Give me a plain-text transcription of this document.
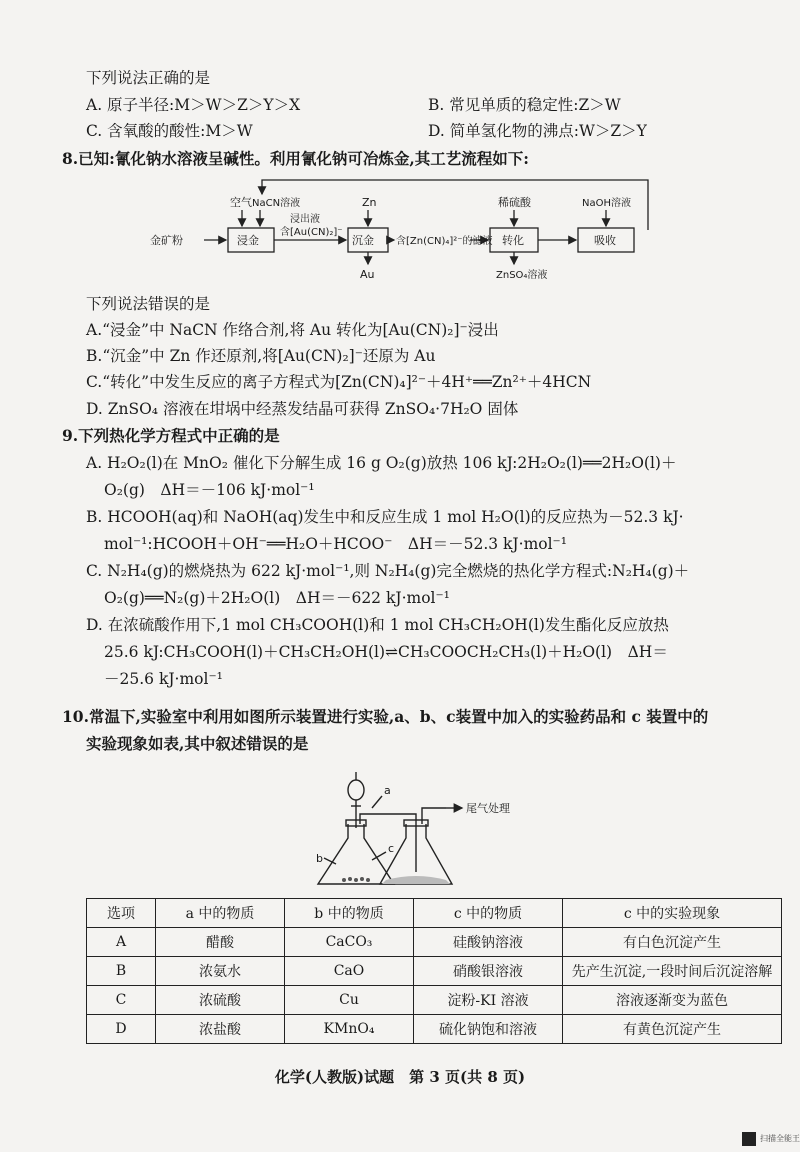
下列说法正确的是
A. 原子半径:M＞W＞Z＞Y＞X	B. 常见单质的稳定性:Z＞W
C. 含氧酸的酸性:M＞W	D. 简单氢化物的沸点:W＞Z＞Y
8.已知:氰化钠水溶液呈碱性。利用氰化钠可冶炼金,其工艺流程如下:
金矿粉
空气 NaCN溶液
浸金
浸出液
含[Au(CN)₂]⁻
Zn
沉金
Au
含[Zn(CN)₄]²⁻的滤液
稀硫酸
转化
ZnSO₄溶液
NaOH溶液
吸收
下列说法错误的是
A.“浸金”中 NaCN 作络合剂,将 Au 转化为[Au(CN)₂]⁻浸出
B.“沉金”中 Zn 作还原剂,将[Au(CN)₂]⁻还原为 Au
C.“转化”中发生反应的离子方程式为[Zn(CN)₄]²⁻＋4H⁺══Zn²⁺＋4HCN
D. ZnSO₄ 溶液在坩埚中经蒸发结晶可获得 ZnSO₄·7H₂O 固体
9.下列热化学方程式中正确的是
A. H₂O₂(l)在 MnO₂ 催化下分解生成 16 g O₂(g)放热 106 kJ:2H₂O₂(l)══2H₂O(l)＋
O₂(g)　ΔH＝－106 kJ·mol⁻¹
B. HCOOH(aq)和 NaOH(aq)发生中和反应生成 1 mol H₂O(l)的反应热为－52.3 kJ·
mol⁻¹:HCOOH＋OH⁻══H₂O＋HCOO⁻　ΔH＝－52.3 kJ·mol⁻¹
C. N₂H₄(g)的燃烧热为 622 kJ·mol⁻¹,则 N₂H₄(g)完全燃烧的热化学方程式:N₂H₄(g)＋
O₂(g)══N₂(g)＋2H₂O(l)　ΔH＝－622 kJ·mol⁻¹
D. 在浓硫酸作用下,1 mol CH₃COOH(l)和 1 mol CH₃CH₂OH(l)发生酯化反应放热
25.6 kJ:CH₃COOH(l)＋CH₃CH₂OH(l)⇌CH₃COOCH₂CH₃(l)＋H₂O(l)　ΔH＝
－25.6 kJ·mol⁻¹
10.常温下,实验室中利用如图所示装置进行实验,a、b、c装置中加入的实验药品和 c 装置中的
实验现象如表,其中叙述错误的是
a
b
c
尾气处理
选项	a 中的物质	b 中的物质	c 中的物质	c 中的实验现象
A	醋酸	CaCO₃	硅酸钠溶液	有白色沉淀产生
B	浓氨水	CaO	硝酸银溶液	先产生沉淀,一段时间后沉淀溶解
C	浓硫酸	Cu	淀粉-KI 溶液	溶液逐渐变为蓝色
D	浓盐酸	KMnO₄	硫化钠饱和溶液	有黄色沉淀产生
化学(人教版)试题　第 3 页(共 8 页)
扫描全能王
